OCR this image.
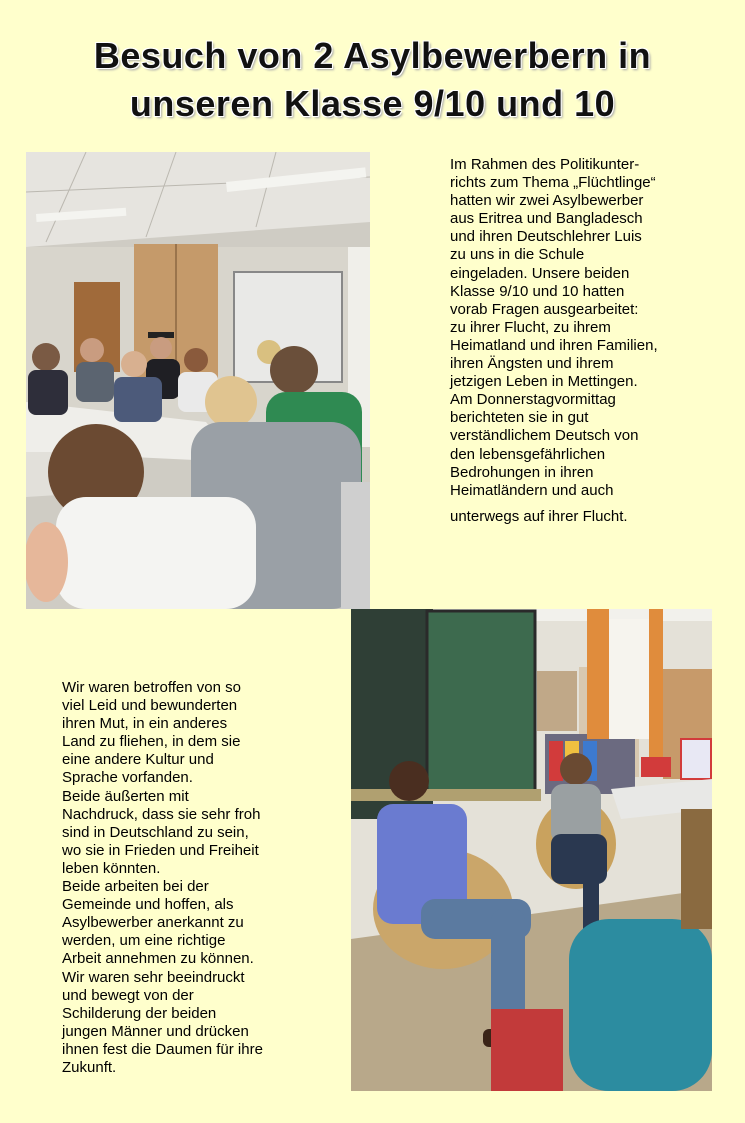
Besuch von 2 Asylbewerbern in
unseren Klasse 9/10 und 10
Im Rahmen des Politikunter-
richts zum Thema „Flüchtlinge“
hatten wir zwei Asylbewerber
aus Eritrea und Bangladesch
und ihren Deutschlehrer Luis
zu uns in die Schule
eingeladen. Unsere beiden
Klasse 9/10 und 10 hatten
vorab Fragen ausgearbeitet:
zu ihrer Flucht, zu ihrem
Heimatland und ihren Familien,
ihren Ängsten und ihrem
jetzigen Leben in Mettingen.
Am Donnerstagvormittag
berichteten sie in gut
verständlichem Deutsch von
den lebensgefährlichen
Bedrohungen in ihren
Heimatländern und auch
unterwegs auf ihrer Flucht.
Wir waren betroffen von so
viel Leid und bewunderten
ihren Mut, in ein anderes
Land zu fliehen, in dem sie
eine andere Kultur und
Sprache vorfanden.
Beide äußerten mit
Nachdruck, dass sie sehr froh
sind in Deutschland zu sein,
wo sie in Frieden und Freiheit
leben könnten.
Beide arbeiten bei der
Gemeinde und hoffen, als
Asylbewerber anerkannt zu
werden, um eine richtige
Arbeit annehmen zu können.
Wir waren sehr beeindruckt
und bewegt von der
Schilderung der beiden
jungen Männer und drücken
ihnen fest die Daumen für ihre
Zukunft.
